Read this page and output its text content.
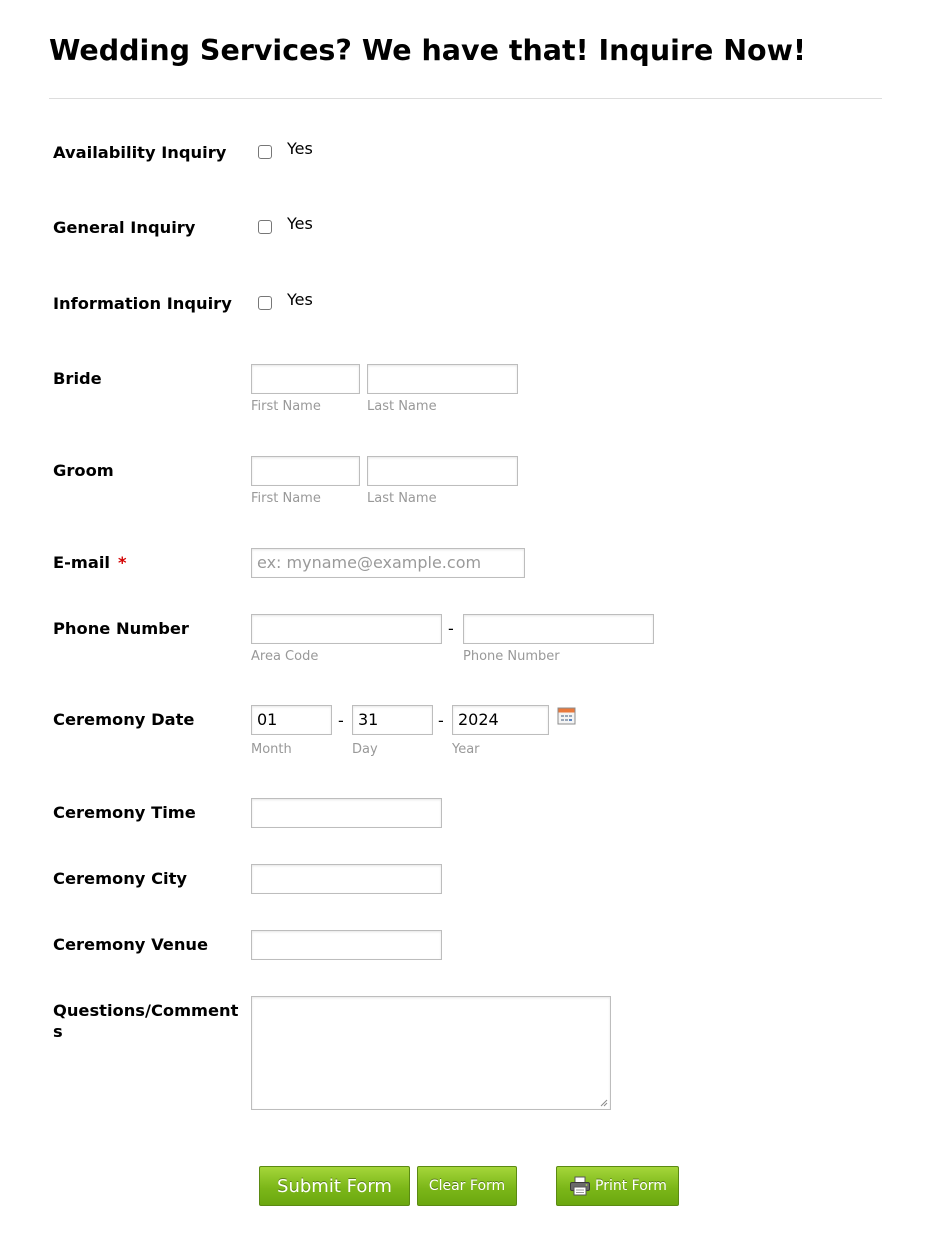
Wedding Services? We have that! Inquire Now!
Availability Inquiry	Yes
General Inquiry	Yes
Information Inquiry	Yes
Bride
First Name	Last Name
Groom
First Name	Last Name
E-mail *	ex: myname@example.com
Phone Number	-
Area Code	Phone Number
Ceremony Date	01	- 31	- 2024
Month	Day	Year
Ceremony Time
Ceremony City
Ceremony Venue
Questions/Comments
Submit Form	Clear Form	Print Form
